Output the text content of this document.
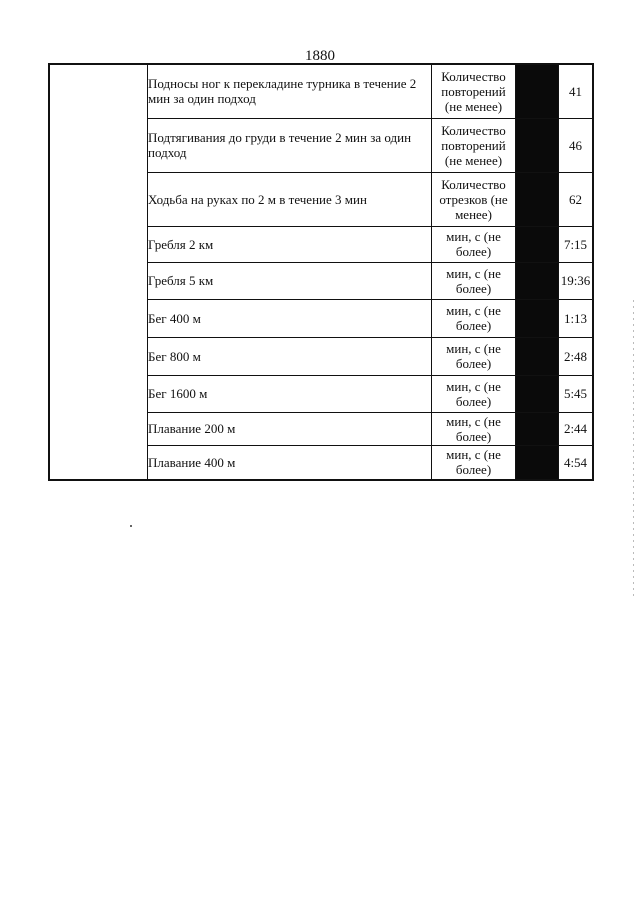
1880
	Подносы ног к перекладине турника в течение 2 мин за один подход	Количество повторений (не менее)		41
	Подтягивания до груди в течение 2 мин за один подход	Количество повторений (не менее)		46
	Ходьба на руках по 2 м в течение 3 мин	Количество отрезков (не менее)		62
	Гребля 2 км	мин, с (не более)		7:15
	Гребля 5 км	мин, с (не более)		19:36
	Бег 400 м	мин, с (не более)		1:13
	Бег 800 м	мин, с (не более)		2:48
	Бег 1600 м	мин, с (не более)		5:45
	Плавание 200 м	мин, с (не более)		2:44
	Плавание 400 м	мин, с (не более)		4:54
